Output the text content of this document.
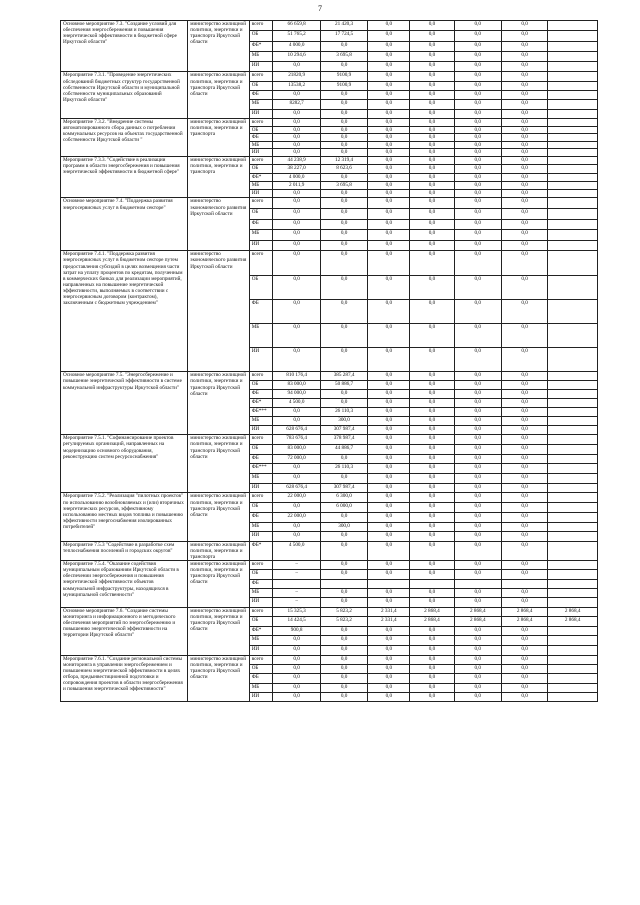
7
Основное мероприятие 7.3. "Создание условий для обеспечения энергосбережения и повышения энергетической эффективности в бюджетной сфере Иркутской области"	министерство жилищной политики, энергетики и транспорта Иркутской области	всего	66 659,8	21 420,3	0,0	0,0	0,0	0,0	
		ОБ	51 765,2	17 724,5	0,0	0,0	0,0	0,0	
		ФБ*	4 000,0	0,0	0,0	0,0	0,0	0,0	
		МБ	10 294,6	3 695,8	0,0	0,0	0,0	0,0	
		ИИ	0,0	0,0	0,0	0,0	0,0	0,0	
Мероприятие 7.3.1. "Проведение энергетических обследований бюджетных структур государственной собственности Иркутской области и муниципальной собственности муниципальных образований Иркутской области"	министерство жилищной политики, энергетики и транспорта Иркутской области	всего	21820,9	9100,9	0,0	0,0	0,0	0,0	
		ОБ	13538,2	9100,9	0,0	0,0	0,0	0,0	
		ФБ	0,0	0,0	0,0	0,0	0,0	0,0	
		МБ	8282,7	0,0	0,0	0,0	0,0	0,0	
		ИИ	0,0	0,0	0,0	0,0	0,0	0,0	
Мероприятие 7.3.2. "Внедрение системы автоматизированного сбора данных о потреблении коммунальных ресурсов на объектах государственной собственности Иркутской области "	министерство жилищной политики, энергетики и транспорта	всего	0,0	0,0	0,0	0,0	0,0	0,0	
		ОБ	0,0	0,0	0,0	0,0	0,0	0,0	
		ФБ	0,0	0,0	0,0	0,0	0,0	0,0	
		МБ	0,0	0,0	0,0	0,0	0,0	0,0	
		ИИ	0,0	0,0	0,0	0,0	0,0	0,0	
Мероприятие 7.3.3. "Содействие в реализации программ в области энергосбережения и повышения энергетической эффективности в бюджетной сфере"	министерство жилищной политики, энергетики и транспорта	всего	44 238,9	12 319,4	0,0	0,0	0,0	0,0	
		ОБ	38 227,0	8 623,6	0,0	0,0	0,0	0,0	
		ФБ*	4 000,0	0,0	0,0	0,0	0,0	0,0	
		МБ	2 011,9	3 695,8	0,0	0,0	0,0	0,0	
		ИИ	0,0	0,0	0,0	0,0	0,0	0,0	
Основное мероприятие 7.4. "Поддержка развития энергосервисных услуг в бюджетном секторе"	министерство экономического развития Иркутской области	всего	0,0	0,0	0,0	0,0	0,0	0,0	
		ОБ	0,0	0,0	0,0	0,0	0,0	0,0	
		ФБ	0,0	0,0	0,0	0,0	0,0	0,0	
		МБ	0,0	0,0	0,0	0,0	0,0	0,0	
		ИИ	0,0	0,0	0,0	0,0	0,0	0,0	
Мероприятие 7.4.1. "Поддержка развития энергосервисных услуг в бюджетном секторе путем предоставления субсидий в целях возмещения части затрат на уплату процентов по кредитам, полученным в коммерческих банках для реализации мероприятий, направленных на повышение энергетической эффективности, выполняемых в соответствии с энергосервисным договором (контрактом), заключенным с бюджетным учреждением"	министерство экономического развития Иркутской области	всего	0,0	0,0	0,0	0,0	0,0	0,0	
		ОБ	0,0	0,0	0,0	0,0	0,0	0,0	
		ФБ	0,0	0,0	0,0	0,0	0,0	0,0	
		МБ	0,0	0,0	0,0	0,0	0,0	0,0	
		ИИ	0,0	0,0	0,0	0,0	0,0	0,0	
Основное мероприятие 7.5. "Энергосбережение и повышение энергетической эффективности в системе коммунальной инфраструктуры Иркутской области"	министерство жилищной политики, энергетики и транспорта Иркутской области	всего	810 176,4	385 287,4	0,0	0,0	0,0	0,0	
		ОБ	83 000,0	50 886,7	0,0	0,0	0,0	0,0	
		ФБ	94 000,0	0,0	0,0	0,0	0,0	0,0	
		ФБ*	4 500,0	0,0	0,0	0,0	0,0	0,0	
		ФБ***	0,0	26 110,3	0,0	0,0	0,0	0,0	
		МБ	0,0	300,0	0,0	0,0	0,0	0,0	
		ИИ	628 676,4	307 987,4	0,0	0,0	0,0	0,0	
Мероприятие 7.5.1. "Софинансирование проектов регулируемых организаций, направленных на модернизацию основного оборудования, реконструкцию систем ресурсоснабжения"	министерство жилищной политики, энергетики и транспорта Иркутской области	всего	783 676,4	378 987,4	0,0	0,0	0,0	0,0	
		ОБ	83 000,0	44 886,7	0,0	0,0	0,0	0,0	
		ФБ	72 000,0	0,0	0,0	0,0	0,0	0,0	
		ФБ***	0,0	26 110,3	0,0	0,0	0,0	0,0	
		МБ	0,0	0,0	0,0	0,0	0,0	0,0	
		ИИ	628 676,4	307 987,4	0,0	0,0	0,0	0,0	
Мероприятие 7.5.2. "Реализация "пилотных проектов" по использованию возобновляемых и (или) вторичных энергетических ресурсов, эффективному использованию местных видов топлива и повышению эффективности энергоснабжения изолированных потребителей"	министерство жилищной политики, энергетики и транспорта Иркутской области	всего	22 000,0	6 300,0	0,0	0,0	0,0	0,0	
		ОБ	0,0	6 000,0	0,0	0,0	0,0	0,0	
		ФБ	22 000,0	0,0	0,0	0,0	0,0	0,0	
		МБ	0,0	300,0	0,0	0,0	0,0	0,0	
		ИИ	0,0	0,0	0,0	0,0	0,0	0,0	
Мероприятие 7.5.3 "Содействие в разработке схем теплоснабжения поселений и городских округов"	министерство жилищной политики, энергетики и транспорта	ФБ*	4 500,0	0,0	0,0	0,0	0,0	0,0	
Мероприятие 7.5.4. "Оказание содействия муниципальным образованиям Иркутской области в обеспечении энергосбережения и повышения энергетической эффективности объектов коммунальной инфраструктуры, находящихся в муниципальной собственности"	министерство жилищной политики, энергетики и транспорта Иркутской области	всего	–	0,0	0,0	0,0	0,0	0,0	
		ОБ	–	0,0	0,0	0,0	0,0	0,0	
		ФБ							
		МБ	–	0,0	0,0	0,0	0,0	0,0	
		ИИ	–	0,0	0,0	0,0	0,0	0,0	
Основное мероприятие 7.6. "Создание системы мониторинга и информационного и методического обеспечения мероприятий по энергосбережению и повышению энергетической эффективности на территории Иркутской области"	министерство жилищной политики, энергетики и транспорта Иркутской области	всего	15 325,3	5 823,2	2 331,4	2 868,4	2 868,4	2 868,4	2 868,4
		ОБ	14 424,5	5 823,2	2 331,4	2 868,4	2 868,4	2 868,4	2 868,4
		ФБ*	900,8	0,0	0,0	0,0	0,0	0,0	
		МБ	0,0	0,0	0,0	0,0	0,0	0,0	
		ИИ	0,0	0,0	0,0	0,0	0,0	0,0	
Мероприятие 7.6.1. "Создание региональной системы мониторинга в управлении энергосбережением и повышением энергетической эффективности в целях отбора, предынвестиционной подготовки и сопровождения проектов в области энергосбережения и повышения энергетической эффективности"	министерство жилищной политики, энергетики и транспорта Иркутской области	всего	0,0	0,0	0,0	0,0	0,0	0,0	
		ОБ	0,0	0,0	0,0	0,0	0,0	0,0	
		ФБ	0,0	0,0	0,0	0,0	0,0	0,0	
		МБ	0,0	0,0	0,0	0,0	0,0	0,0	
		ИИ	0,0	0,0	0,0	0,0	0,0	0,0	
